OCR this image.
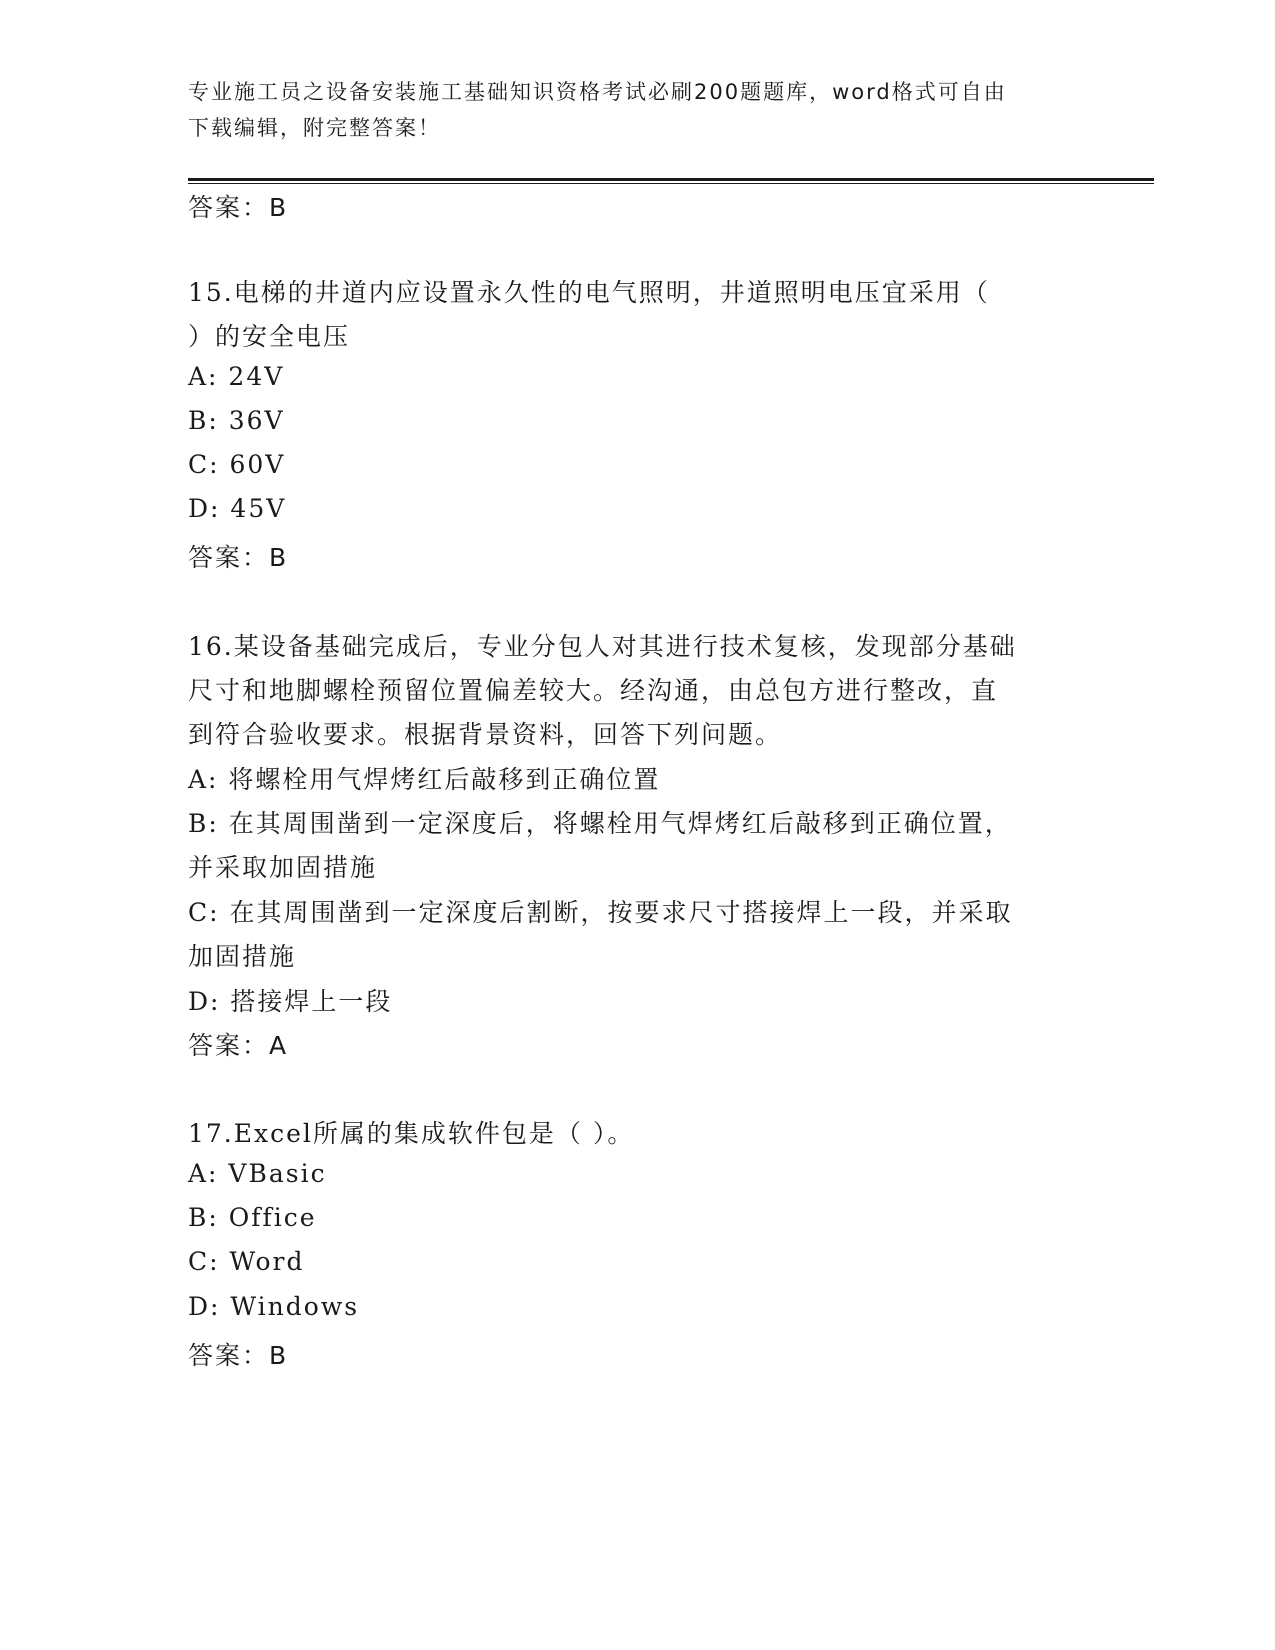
专业施工员之设备安装施工基础知识资格考试必刷200题题库，word格式可自由
下载编辑，附完整答案！
答案：B
15.电梯的井道内应设置永久性的电气照明，井道照明电压宜采用（
）的安全电压
A: 24V
B: 36V
C: 60V
D: 45V
答案：B
16.某设备基础完成后，专业分包人对其进行技术复核，发现部分基础
尺寸和地脚螺栓预留位置偏差较大。经沟通，由总包方进行整改，直
到符合验收要求。根据背景资料，回答下列问题。
A: 将螺栓用气焊烤红后敲移到正确位置
B: 在其周围凿到一定深度后，将螺栓用气焊烤红后敲移到正确位置，
并采取加固措施
C: 在其周围凿到一定深度后割断，按要求尺寸搭接焊上一段，并采取
加固措施
D: 搭接焊上一段
答案：A
17.Excel所属的集成软件包是（ ）。
A: VBasic
B: Office
C: Word
D: Windows
答案：B
